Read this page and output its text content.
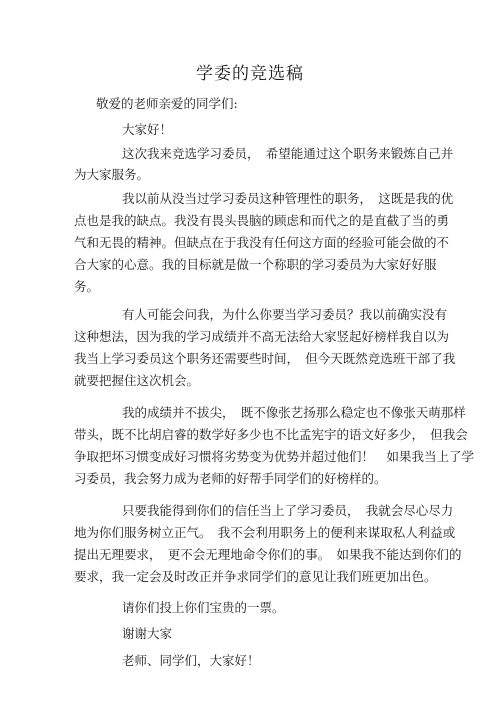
学委的竞选稿
敬爱的老师亲爱的同学们:
大家好！
这次我来竞选学习委员，　希望能通过这个职务来锻炼自己并
为大家服务。
我以前从没当过学习委员这种管理性的职务，　这既是我的优
点也是我的缺点。我没有畏头畏脑的顾虑和而代之的是直截了当的勇
气和无畏的精神。但缺点在于我没有任何这方面的经验可能会做的不
合大家的心意。我的目标就是做一个称职的学习委员为大家好好服
务。
有人可能会问我，为什么你要当学习委员？我以前确实没有
这种想法，因为我的学习成绩并不高无法给大家竖起好榜样我自以为
我当上学习委员这个职务还需要些时间，　但今天既然竞选班干部了我
就要把握住这次机会。
我的成绩并不拔尖，　既不像张艺扬那么稳定也不像张天萌那样
带头，既不比胡启睿的数学好多少也不比孟宪宇的语文好多少，　但我会
争取把坏习惯变成好习惯将劣势变为优势并超过他们！　如果我当上了学
习委员，我会努力成为老师的好帮手同学们的好榜样的。
只要我能得到你们的信任当上了学习委员，　我就会尽心尽力
地为你们服务树立正气。　我不会利用职务上的便利来谋取私人利益或
提出无理要求，　更不会无理地命令你们的事。　如果我不能达到你们的
要求，我一定会及时改正并争求同学们的意见让我们班更加出色。
请你们投上你们宝贵的一票。
谢谢大家
老师、同学们，大家好！
